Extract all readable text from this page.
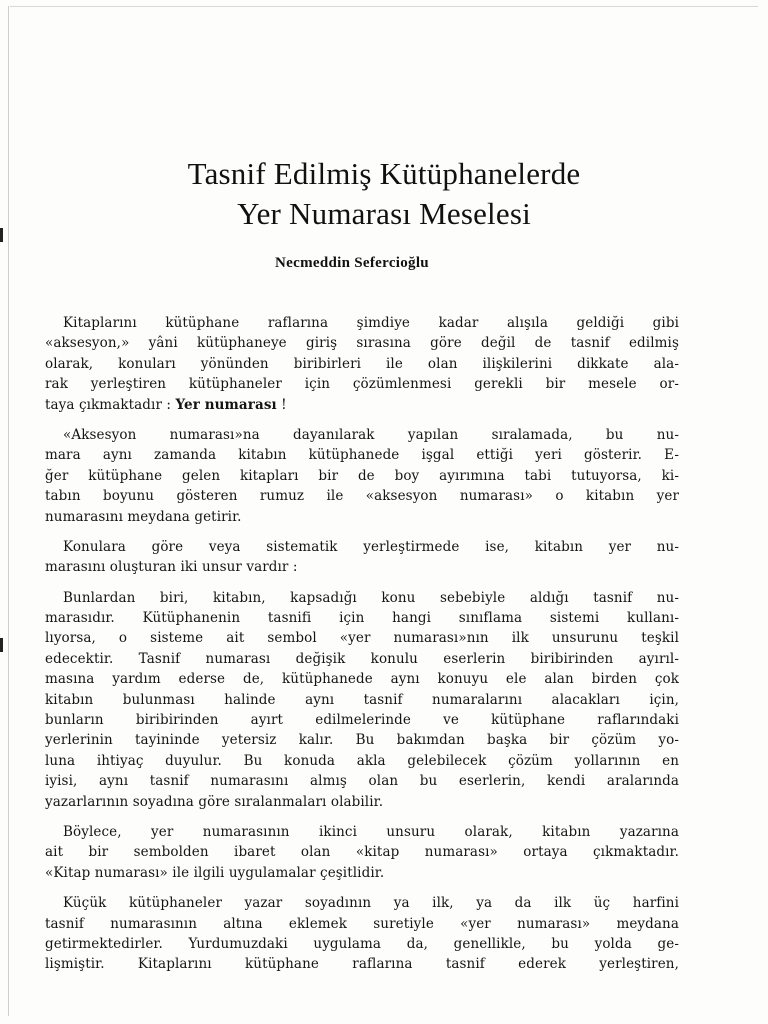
Tasnif Edilmiş Kütüphanelerde
Yer Numarası Meselesi
Necmeddin Sefercioğlu
Kitaplarını kütüphane raflarına şimdiye kadar alışıla geldiği gibi
«aksesyon,» yâni kütüphaneye giriş sırasına göre değil de tasnif edilmiş
olarak, konuları yönünden biribirleri ile olan ilişkilerini dikkate ala-
rak yerleştiren kütüphaneler için çözümlenmesi gerekli bir mesele or-
taya çıkmaktadır : Yer numarası !
«Aksesyon numarası»na dayanılarak yapılan sıralamada, bu nu-
mara aynı zamanda kitabın kütüphanede işgal ettiği yeri gösterir. E-
ğer kütüphane gelen kitapları bir de boy ayırımına tabi tutuyorsa, ki-
tabın boyunu gösteren rumuz ile «aksesyon numarası» o kitabın yer
numarasını meydana getirir.
Konulara göre veya sistematik yerleştirmede ise, kitabın yer nu-
marasını oluşturan iki unsur vardır :
Bunlardan biri, kitabın, kapsadığı konu sebebiyle aldığı tasnif nu-
marasıdır. Kütüphanenin tasnifi için hangi sınıflama sistemi kullanı-
lıyorsa, o sisteme ait sembol «yer numarası»nın ilk unsurunu teşkil
edecektir. Tasnif numarası değişik konulu eserlerin biribirinden ayırıl-
masına yardım ederse de, kütüphanede aynı konuyu ele alan birden çok
kitabın bulunması halinde aynı tasnif numaralarını alacakları için,
bunların biribirinden ayırt edilmelerinde ve kütüphane raflarındaki
yerlerinin tayininde yetersiz kalır. Bu bakımdan başka bir çözüm yo-
luna ihtiyaç duyulur. Bu konuda akla gelebilecek çözüm yollarının en
iyisi, aynı tasnif numarasını almış olan bu eserlerin, kendi aralarında
yazarlarının soyadına göre sıralanmaları olabilir.
Böylece, yer numarasının ikinci unsuru olarak, kitabın yazarına
ait bir sembolden ibaret olan «kitap numarası» ortaya çıkmaktadır.
«Kitap numarası» ile ilgili uygulamalar çeşitlidir.
Küçük kütüphaneler yazar soyadının ya ilk, ya da ilk üç harfini
tasnif numarasının altına eklemek suretiyle «yer numarası» meydana
getirmektedirler. Yurdumuzdaki uygulama da, genellikle, bu yolda ge-
lişmiştir. Kitaplarını kütüphane raflarına tasnif ederek yerleştiren,
